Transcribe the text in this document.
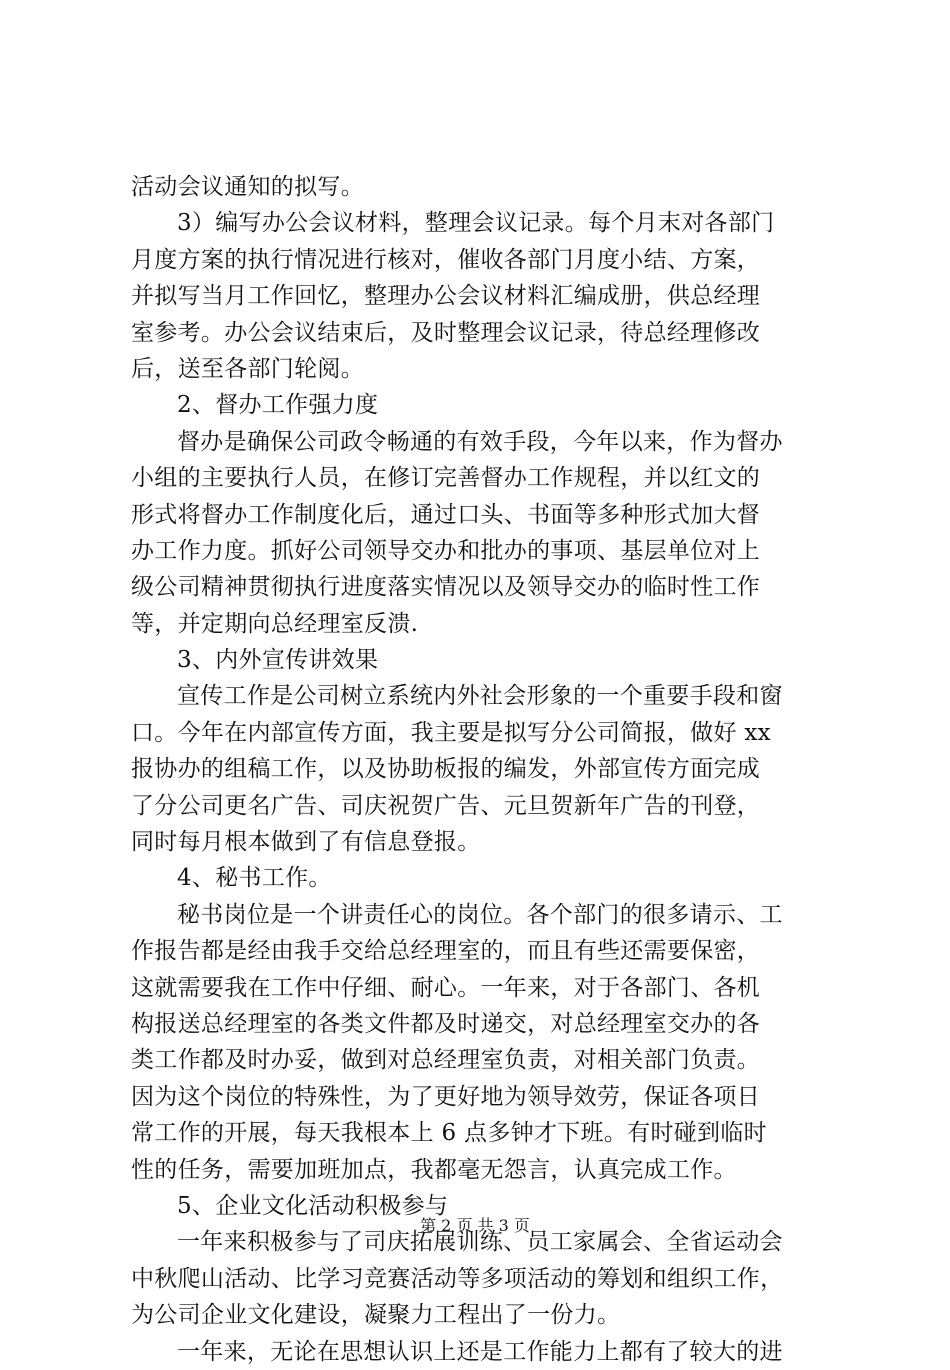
活动会议通知的拟写。
3）编写办公会议材料，整理会议记录。每个月末对各部门
月度方案的执行情况进行核对，催收各部门月度小结、方案，
并拟写当月工作回忆，整理办公会议材料汇编成册，供总经理
室参考。办公会议结束后，及时整理会议记录，待总经理修改
后，送至各部门轮阅。
2、督办工作强力度
督办是确保公司政令畅通的有效手段，今年以来，作为督办
小组的主要执行人员，在修订完善督办工作规程，并以红文的
形式将督办工作制度化后，通过口头、书面等多种形式加大督
办工作力度。抓好公司领导交办和批办的事项、基层单位对上
级公司精神贯彻执行进度落实情况以及领导交办的临时性工作
等，并定期向总经理室反溃.
3、内外宣传讲效果
宣传工作是公司树立系统内外社会形象的一个重要手段和窗
口。今年在内部宣传方面，我主要是拟写分公司简报，做好 xx
报协办的组稿工作，以及协助板报的编发，外部宣传方面完成
了分公司更名广告、司庆祝贺广告、元旦贺新年广告的刊登，
同时每月根本做到了有信息登报。
4、秘书工作。
秘书岗位是一个讲责任心的岗位。各个部门的很多请示、工
作报告都是经由我手交给总经理室的，而且有些还需要保密，
这就需要我在工作中仔细、耐心。一年来，对于各部门、各机
构报送总经理室的各类文件都及时递交，对总经理室交办的各
类工作都及时办妥，做到对总经理室负责，对相关部门负责。
因为这个岗位的特殊性，为了更好地为领导效劳，保证各项日
常工作的开展，每天我根本上 6 点多钟才下班。有时碰到临时
性的任务，需要加班加点，我都毫无怨言，认真完成工作。
5、企业文化活动积极参与
一年来积极参与了司庆拓展训练、员工家属会、全省运动会
中秋爬山活动、比学习竞赛活动等多项活动的筹划和组织工作，
为公司企业文化建设，凝聚力工程出了一份力。
一年来，无论在思想认识上还是工作能力上都有了较大的进
第 2 页 共 3 页
